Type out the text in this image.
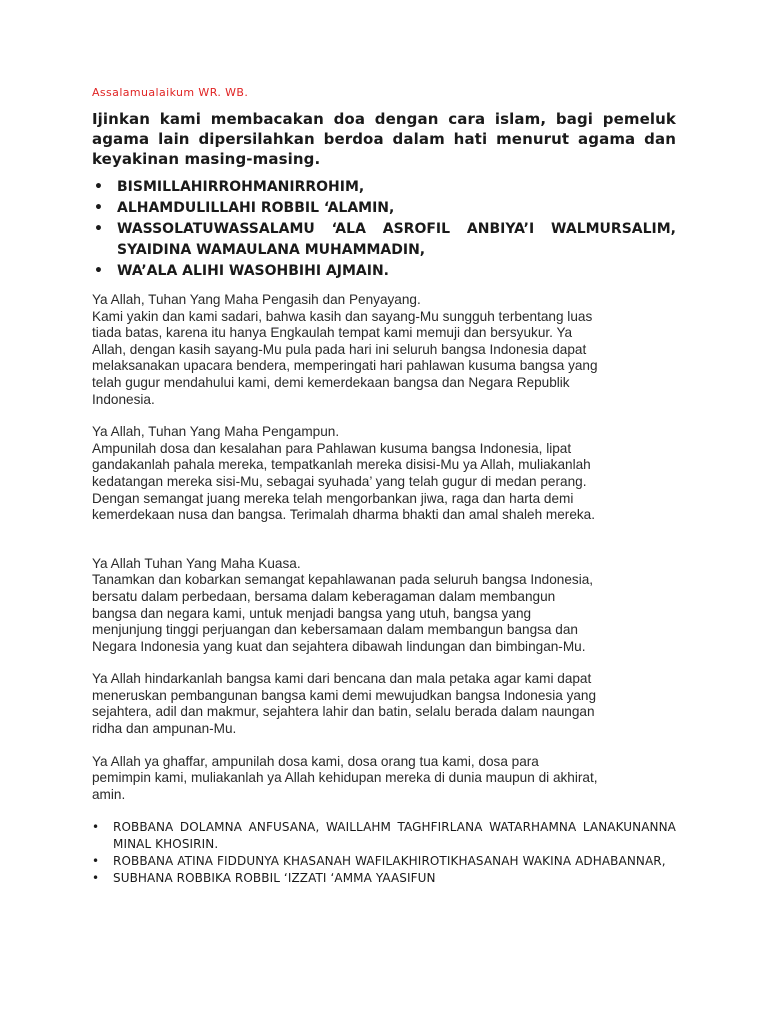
Assalamualaikum WR. WB.
Ijinkan kami membacakan doa dengan cara islam, bagi pemeluk agama lain dipersilahkan berdoa dalam hati menurut agama dan keyakinan masing-masing.
• BISMILLAHIRROHMANIRROHIM,
• ALHAMDULILLAHI ROBBIL ‘ALAMIN,
• WASSOLATUWASSALAMU ‘ALA ASROFIL ANBIYA’I WALMURSALIM, SYAIDINA WAMAULANA MUHAMMADIN,
• WA’ALA ALIHI WASOHBIHI AJMAIN.
Ya Allah, Tuhan Yang Maha Pengasih dan Penyayang.
Kami yakin dan kami sadari, bahwa kasih dan sayang-Mu sungguh terbentang luas
tiada batas, karena itu hanya Engkaulah tempat kami memuji dan bersyukur. Ya
Allah, dengan kasih sayang-Mu pula pada hari ini seluruh bangsa Indonesia dapat
melaksanakan upacara bendera, memperingati hari pahlawan kusuma bangsa yang
telah gugur mendahului kami, demi kemerdekaan bangsa dan Negara Republik
Indonesia.
Ya Allah, Tuhan Yang Maha Pengampun.
Ampunilah dosa dan kesalahan para Pahlawan kusuma bangsa Indonesia, lipat
gandakanlah pahala mereka, tempatkanlah mereka disisi-Mu ya Allah, muliakanlah
kedatangan mereka sisi-Mu, sebagai syuhada’ yang telah gugur di medan perang.
Dengan semangat juang mereka telah mengorbankan jiwa, raga dan harta demi
kemerdekaan nusa dan bangsa. Terimalah dharma bhakti dan amal shaleh mereka.
Ya Allah Tuhan Yang Maha Kuasa.
Tanamkan dan kobarkan semangat kepahlawanan pada seluruh bangsa Indonesia,
bersatu dalam perbedaan, bersama dalam keberagaman dalam membangun
bangsa dan negara kami, untuk menjadi bangsa yang utuh, bangsa yang
menjunjung tinggi perjuangan dan kebersamaan dalam membangun bangsa dan
Negara Indonesia yang kuat dan sejahtera dibawah lindungan dan bimbingan-Mu.
Ya Allah hindarkanlah bangsa kami dari bencana dan mala petaka agar kami dapat
meneruskan pembangunan bangsa kami demi mewujudkan bangsa Indonesia yang
sejahtera, adil dan makmur, sejahtera lahir dan batin, selalu berada dalam naungan
ridha dan ampunan-Mu.
Ya Allah ya ghaffar, ampunilah dosa kami, dosa orang tua kami, dosa para
pemimpin kami, muliakanlah ya Allah kehidupan mereka di dunia maupun di akhirat,
amin.
• ROBBANA DOLAMNA ANFUSANA, WAILLAHM TAGHFIRLANA WATARHAMNA LANAKUNANNA MINAL KHOSIRIN.
• ROBBANA ATINA FIDDUNYA KHASANAH WAFILAKHIROTIKHASANAH WAKINA ADHABANNAR,
• SUBHANA ROBBIKA ROBBIL ‘IZZATI ‘AMMA YAASIFUN
